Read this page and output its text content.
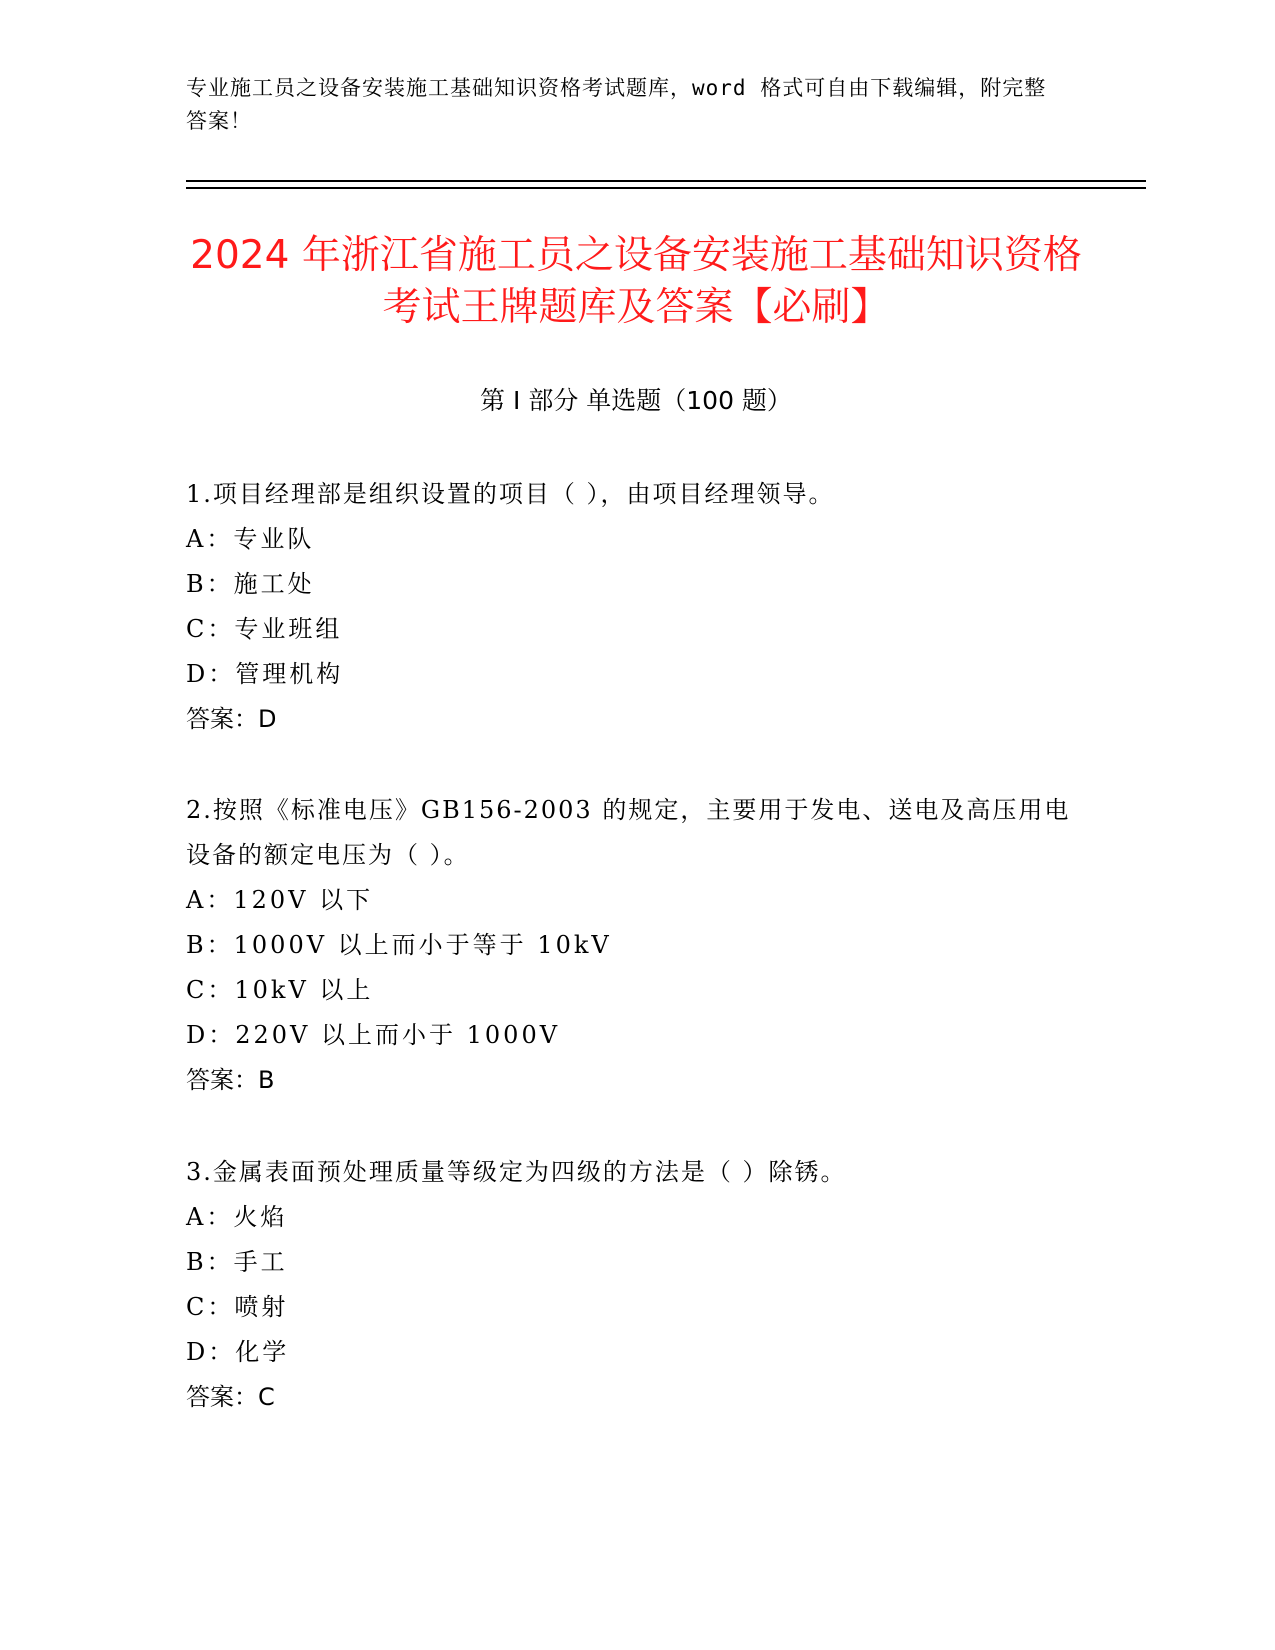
专业施工员之设备安装施工基础知识资格考试题库，word 格式可自由下载编辑，附完整答案！
2024 年浙江省施工员之设备安装施工基础知识资格考试王牌题库及答案【必刷】
第 I 部分 单选题（100 题）

1.项目经理部是组织设置的项目（ ），由项目经理领导。

A：专业队

B：施工处

C：专业班组

D：管理机构

答案：D

2.按照《标准电压》GB156-2003 的规定，主要用于发电、送电及高压用电设备的额定电压为（ ）。

A：120V 以下

B：1000V 以上而小于等于 10kV

C：10kV 以上

D：220V 以上而小于 1000V

答案：B

3.金属表面预处理质量等级定为四级的方法是（ ）除锈。

A：火焰

B：手工

C：喷射

D：化学

答案：C
